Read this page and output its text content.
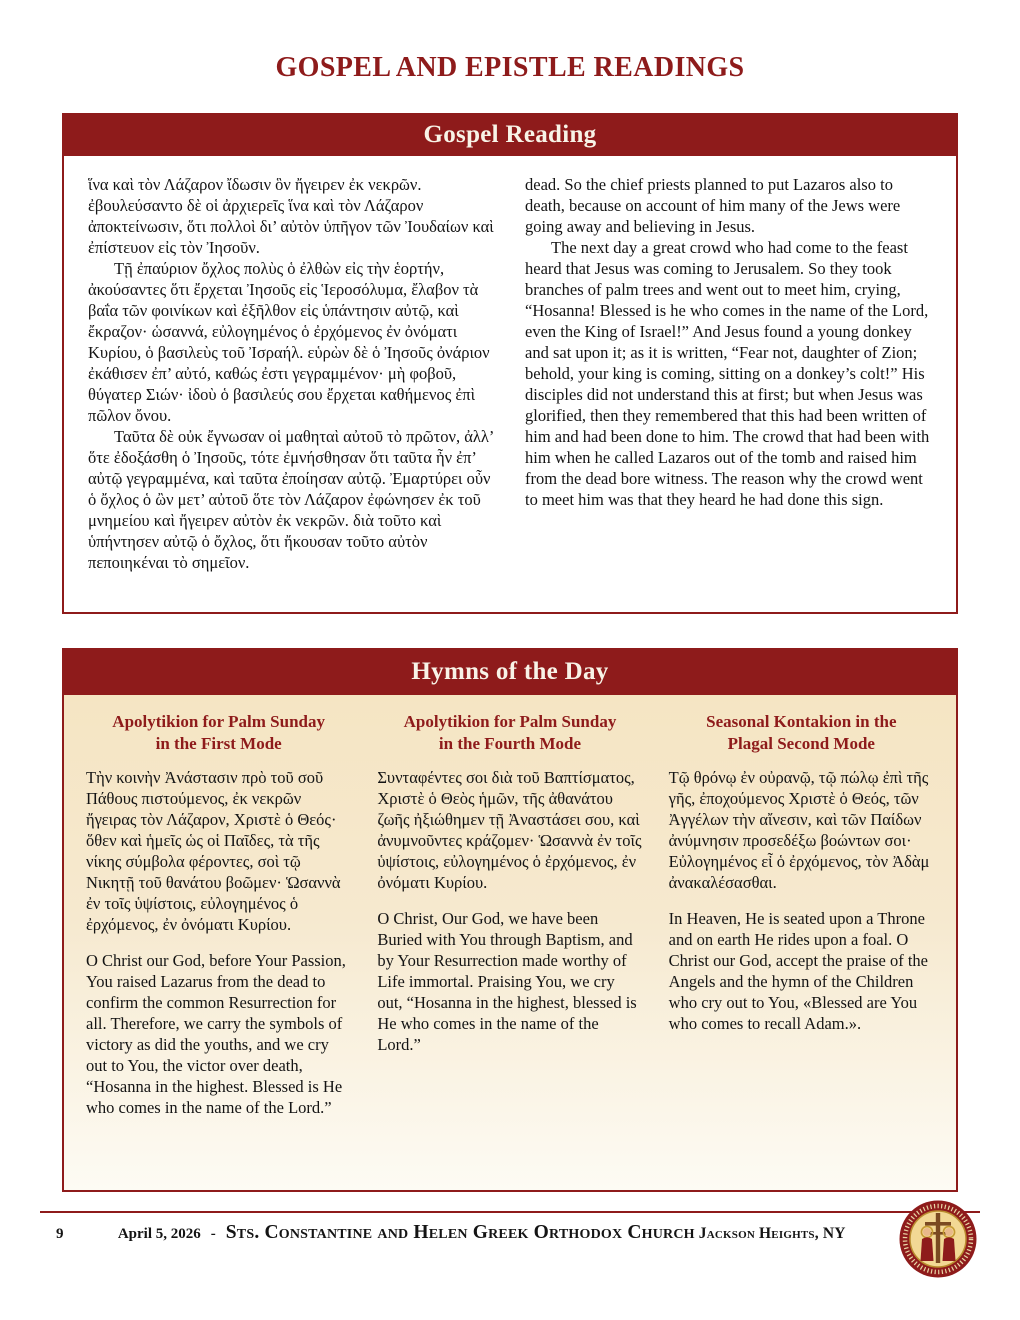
GOSPEL AND EPISTLE READINGS
Gospel Reading

ἵνα καὶ τὸν Λάζαρον ἴδωσιν ὃν ἤγειρεν ἐκ νεκρῶν. ἐβουλεύσαντο δὲ οἱ ἀρχιερεῖς ἵνα καὶ τὸν Λάζαρον ἀποκτείνωσιν, ὅτι πολλοὶ δι’ αὐτὸν ὑπῆγον τῶν Ἰουδαίων καὶ ἐπίστευον εἰς τὸν Ἰησοῦν.

Τῇ ἐπαύριον ὄχλος πολὺς ὁ ἐλθὼν εἰς τὴν ἑορτήν, ἀκούσαντες ὅτι ἔρχεται Ἰησοῦς εἰς Ἱεροσόλυμα, ἔλαβον τὰ βαΐα τῶν φοινίκων καὶ ἐξῆλθον εἰς ὑπάντησιν αὐτῷ, καὶ ἔκραζον· ὡσαννά, εὐλογημένος ὁ ἐρχόμενος ἐν ὀνόματι Κυρίου, ὁ βασιλεὺς τοῦ Ἰσραήλ. εὑρὼν δὲ ὁ Ἰησοῦς ὀνάριον ἐκάθισεν ἐπ’ αὐτό, καθώς ἐστι γεγραμμένον· μὴ φοβοῦ, θύγατερ Σιών· ἰδοὺ ὁ βασιλεύς σου ἔρχεται καθήμενος ἐπὶ πῶλον ὄνου.

Ταῦτα δὲ οὐκ ἔγνωσαν οἱ μαθηταὶ αὐτοῦ τὸ πρῶτον, ἀλλ’ ὅτε ἐδοξάσθη ὁ Ἰησοῦς, τότε ἐμνήσθησαν ὅτι ταῦτα ἦν ἐπ’ αὐτῷ γεγραμμένα, καὶ ταῦτα ἐποίησαν αὐτῷ. Ἐμαρτύρει οὖν ὁ ὄχλος ὁ ὢν μετ’ αὐτοῦ ὅτε τὸν Λάζαρον ἐφώνησεν ἐκ τοῦ μνημείου καὶ ἤγειρεν αὐτὸν ἐκ νεκρῶν. διὰ τοῦτο καὶ ὑπήντησεν αὐτῷ ὁ ὄχλος, ὅτι ἤκουσαν τοῦτο αὐτὸν πεποιηκέναι τὸ σημεῖον.

dead. So the chief priests planned to put Lazaros also to death, because on account of him many of the Jews were going away and believing in Jesus.

The next day a great crowd who had come to the feast heard that Jesus was coming to Jerusalem. So they took branches of palm trees and went out to meet him, crying, “Hosanna! Blessed is he who comes in the name of the Lord, even the King of Israel!” And Jesus found a young donkey and sat upon it; as it is written, “Fear not, daughter of Zion; behold, your king is coming, sitting on a donkey’s colt!” His disciples did not understand this at first; but when Jesus was glorified, then they remembered that this had been written of him and had been done to him. The crowd that had been with him when he called Lazaros out of the tomb and raised him from the dead bore witness. The reason why the crowd went to meet him was that they heard he had done this sign.

Hymns of the Day
Apolytikion for Palm Sunday
in the First Mode

Τὴν κοινὴν Ἀνάστασιν πρὸ τοῦ σοῦ Πάθους πιστούμενος, ἐκ νεκρῶν ἤγειρας τὸν Λάζαρον, Χριστὲ ὁ Θεός· ὅθεν καὶ ἡμεῖς ὡς οἱ Παῖδες, τὰ τῆς νίκης σύμβολα φέροντες, σοὶ τῷ Νικητῇ τοῦ θανάτου βοῶμεν· Ὡσαννὰ ἐν τοῖς ὑψίστοις, εὐλογημένος ὁ ἐρχόμενος, ἐν ὀνόματι Κυρίου.

O Christ our God, before Your Passion, You raised Lazarus from the dead to confirm the common Resurrection for all. Therefore, we carry the symbols of victory as did the youths, and we cry out to You, the victor over death, “Hosanna in the highest. Blessed is He who comes in the name of the Lord.”

Apolytikion for Palm Sunday
in the Fourth Mode

Συνταφέντες σοι διὰ τοῦ Βαπτίσματος, Χριστὲ ὁ Θεὸς ἡμῶν, τῆς ἀθανάτου ζωῆς ἠξιώθημεν τῇ Ἀναστάσει σου, καὶ ἀνυμνοῦντες κράζομεν· Ὡσαννὰ ἐν τοῖς ὑψίστοις, εὐλογημένος ὁ ἐρχόμενος, ἐν ὀνόματι Κυρίου.

O Christ, Our God, we have been Buried with You through Baptism, and by Your Resurrection made worthy of Life immortal. Praising You, we cry out, “Hosanna in the highest, blessed is He who comes in the name of the Lord.”

Seasonal Kontakion in the
Plagal Second Mode

Τῷ θρόνῳ ἐν οὐρανῷ, τῷ πώλῳ ἐπὶ τῆς γῆς, ἐποχούμενος Χριστὲ ὁ Θεός, τῶν Ἀγγέλων τὴν αἴνεσιν, καὶ τῶν Παίδων ἀνύμνησιν προσεδέξω βοώντων σοι· Εὐλογημένος εἶ ὁ ἐρχόμενος, τὸν Ἀδὰμ ἀνακαλέσασθαι.

In Heaven, He is seated upon a Throne and on earth He rides upon a foal. O Christ our God, accept the praise of the Angels and the hymn of the Children who cry out to You, «Blessed are You who comes to recall Adam.».

9	April 5, 2026 - Sts. Constantine and Helen Greek Orthodox Church Jackson Heights, NY
